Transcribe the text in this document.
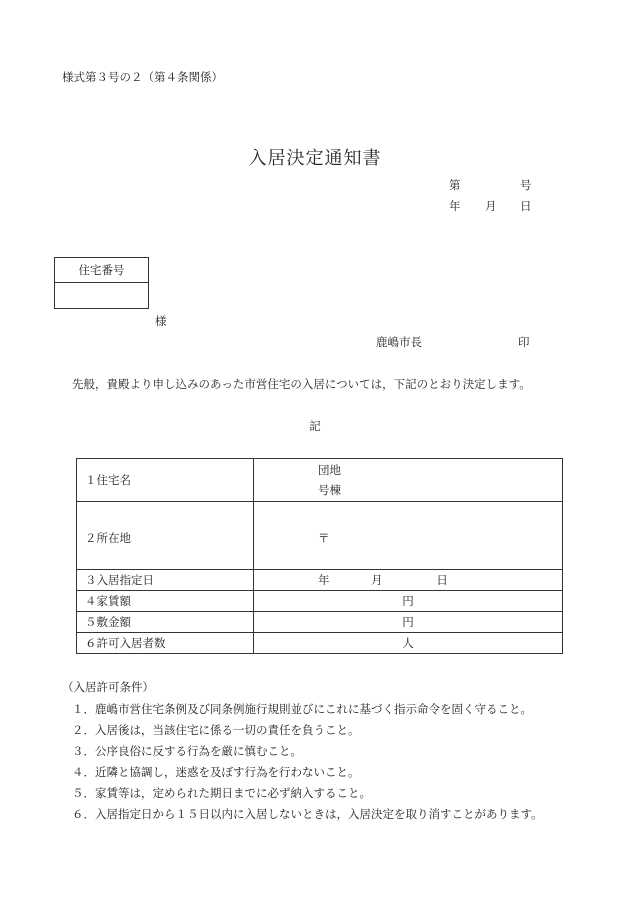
様式第３号の２（第４条関係）
入居決定通知書
第	号
年 月 日
住宅番号
様
鹿嶋市長	印
先般，貴殿より申し込みのあった市営住宅の入居については，下記のとおり決定します。
記
１住宅名	団地
号棟

２所在地	〒

３入居指定日	年 月 日
４家賃額	円
５敷金額	円
６許可入居者数	人
（入居許可条件）
１．鹿嶋市営住宅条例及び同条例施行規則並びにこれに基づく指示命令を固く守ること。
２．入居後は，当該住宅に係る一切の責任を負うこと。
３．公序良俗に反する行為を厳に慎むこと。
４．近隣と協調し，迷惑を及ぼす行為を行わないこと。
５．家賃等は，定められた期日までに必ず納入すること。
６．入居指定日から１５日以内に入居しないときは，入居決定を取り消すことがあります。
